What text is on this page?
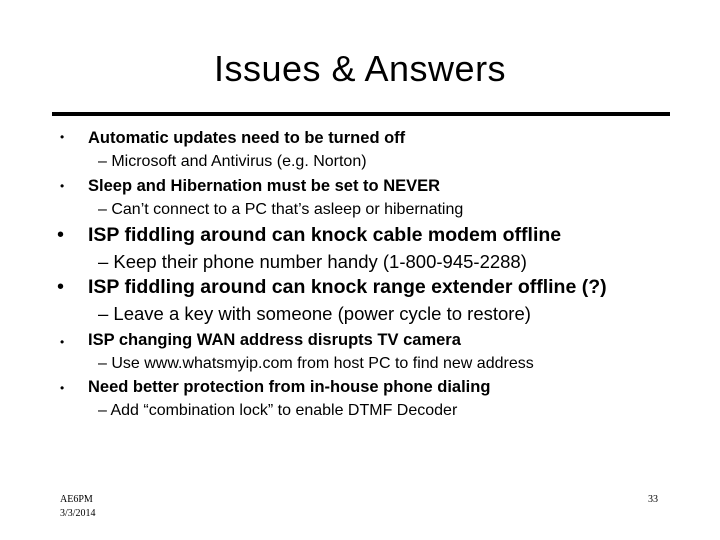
Issues & Answers
• Automatic updates need to be turned off
– Microsoft and Antivirus (e.g. Norton)
• Sleep and Hibernation must be set to NEVER
– Can’t connect to a PC that’s asleep or hibernating
• ISP fiddling around can knock cable modem offline
– Keep their phone number handy (1-800-945-2288)
• ISP fiddling around can knock range extender offline (?)
– Leave a key with someone (power cycle to restore)
• ISP changing WAN address disrupts TV camera
– Use www.whatsmyip.com from host PC to find new address
• Need better protection from in-house phone dialing
– Add “combination lock” to enable DTMF Decoder
AE6PM
3/3/2014
33
